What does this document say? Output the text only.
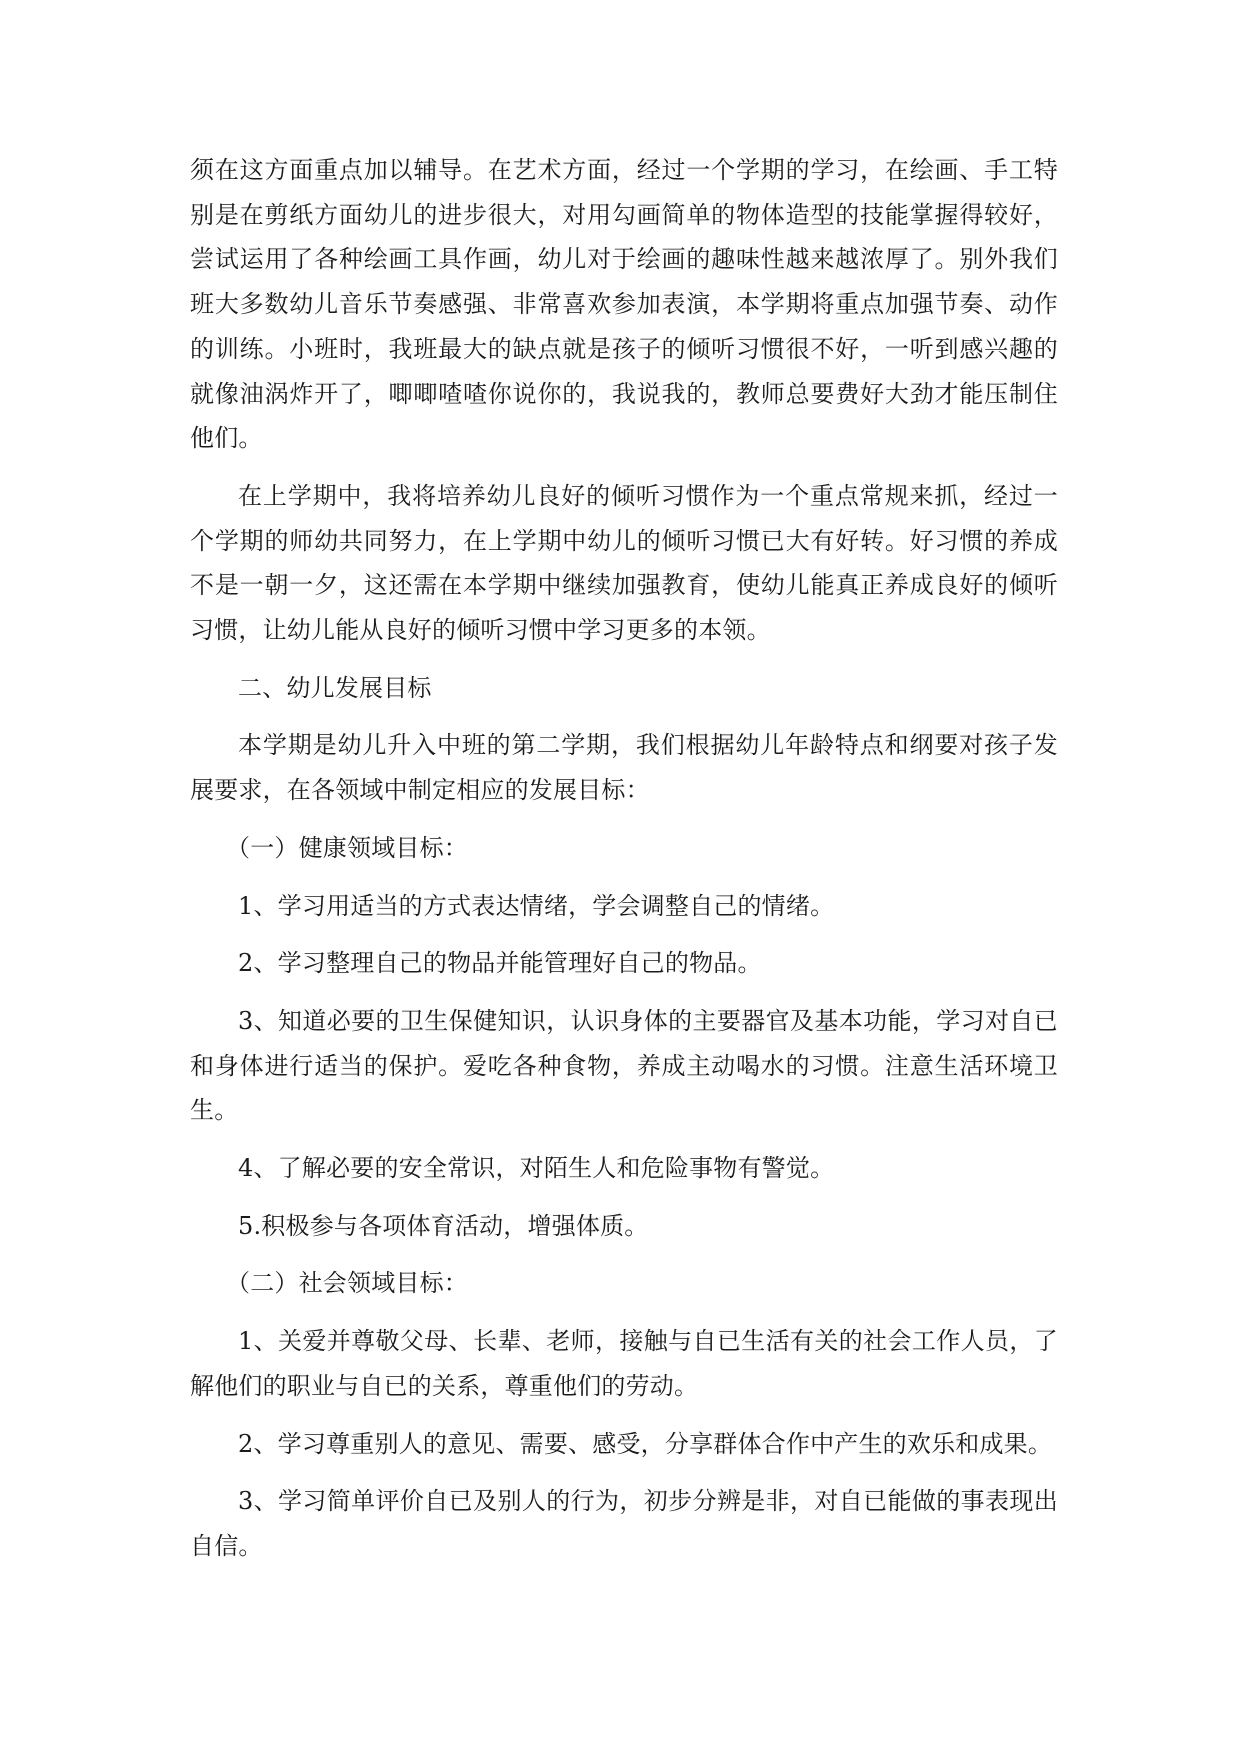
须在这方面重点加以辅导。在艺术方面，经过一个学期的学习，在绘画、手工特别是在剪纸方面幼儿的进步很大，对用勾画简单的物体造型的技能掌握得较好，尝试运用了各种绘画工具作画，幼儿对于绘画的趣味性越来越浓厚了。别外我们班大多数幼儿音乐节奏感强、非常喜欢参加表演，本学期将重点加强节奏、动作的训练。小班时，我班最大的缺点就是孩子的倾听习惯很不好，一听到感兴趣的就像油涡炸开了，唧唧喳喳你说你的，我说我的，教师总要费好大劲才能压制住他们。

在上学期中，我将培养幼儿良好的倾听习惯作为一个重点常规来抓，经过一个学期的师幼共同努力，在上学期中幼儿的倾听习惯已大有好转。好习惯的养成不是一朝一夕，这还需在本学期中继续加强教育，使幼儿能真正养成良好的倾听习惯，让幼儿能从良好的倾听习惯中学习更多的本领。

二、幼儿发展目标

本学期是幼儿升入中班的第二学期，我们根据幼儿年龄特点和纲要对孩子发展要求，在各领域中制定相应的发展目标：

（一）健康领域目标：

1、学习用适当的方式表达情绪，学会调整自己的情绪。

2、学习整理自己的物品并能管理好自己的物品。

3、知道必要的卫生保健知识，认识身体的主要器官及基本功能，学习对自已和身体进行适当的保护。爱吃各种食物，养成主动喝水的习惯。注意生活环境卫生。

4、了解必要的安全常识，对陌生人和危险事物有警觉。

5.积极参与各项体育活动，增强体质。

（二）社会领域目标：

1、关爱并尊敬父母、长辈、老师，接触与自已生活有关的社会工作人员，了解他们的职业与自已的关系，尊重他们的劳动。

2、学习尊重别人的意见、需要、感受，分享群体合作中产生的欢乐和成果。

3、学习简单评价自已及别人的行为，初步分辨是非，对自已能做的事表现出自信。
